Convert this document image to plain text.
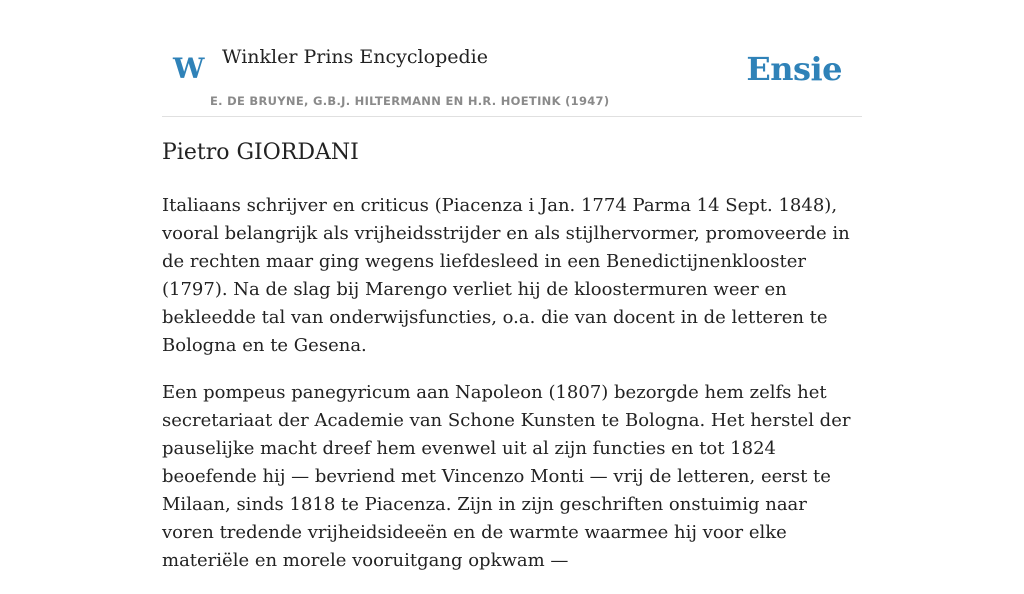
W Winkler Prins Encyclopedie
E. DE BRUYNE, G.B.J. HILTERMANN EN H.R. HOETINK (1947)
Ensie
Pietro GIORDANI

Italiaans schrijver en criticus (Piacenza i Jan. 1774 Parma 14 Sept. 1848), vooral belangrijk als vrijheidsstrijder en als stijlhervormer, promoveerde in de rechten maar ging wegens liefdesleed in een Benedictijnenklooster (1797). Na de slag bij Marengo verliet hij de kloostermuren weer en bekleedde tal van onderwijsfuncties, o.a. die van docent in de letteren te Bologna en te Gesena.

Een pompeus panegyricum aan Napoleon (1807) bezorgde hem zelfs het secretariaat der Academie van Schone Kunsten te Bologna. Het herstel der pauselijke macht dreef hem evenwel uit al zijn functies en tot 1824 beoefende hij — bevriend met Vincenzo Monti — vrij de letteren, eerst te Milaan, sinds 1818 te Piacenza. Zijn in zijn geschriften onstuimig naar voren tredende vrijheidsideeën en de warmte waarmee hij voor elke materiële en morele vooruitgang opkwam —
